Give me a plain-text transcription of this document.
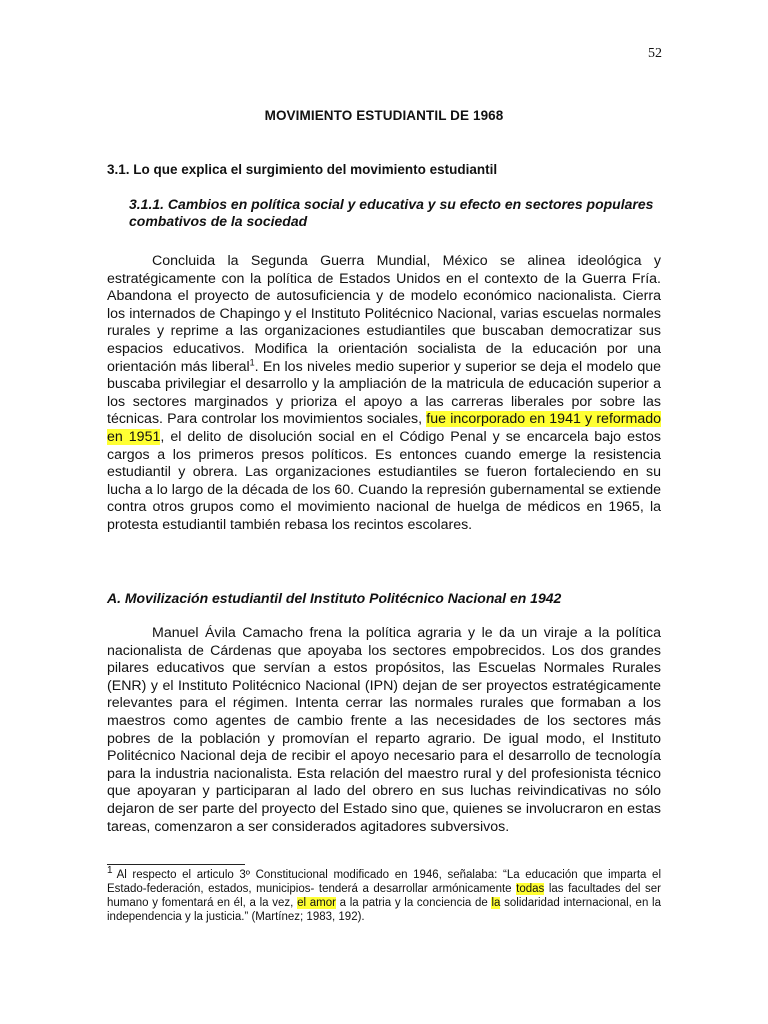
52
MOVIMIENTO ESTUDIANTIL DE 1968
3.1. Lo que explica el surgimiento del movimiento estudiantil
3.1.1. Cambios en política social y educativa y su efecto en sectores populares combativos de la sociedad

Concluida la Segunda Guerra Mundial, México se alinea ideológica y estratégicamente con la política de Estados Unidos en el contexto de la Guerra Fría. Abandona el proyecto de autosuficiencia y de modelo económico nacionalista. Cierra los internados de Chapingo y el Instituto Politécnico Nacional, varias escuelas normales rurales y reprime a las organizaciones estudiantiles que buscaban democratizar sus espacios educativos. Modifica la orientación socialista de la educación por una orientación más liberal$^1$. En los niveles medio superior y superior se deja el modelo que buscaba privilegiar el desarrollo y la ampliación de la matricula de educación superior a los sectores marginados y prioriza el apoyo a las carreras liberales por sobre las técnicas. Para controlar los movimientos sociales, fue incorporado en 1941 y reformado en 1951, el delito de disolución social en el Código Penal y se encarcela bajo estos cargos a los primeros presos políticos. Es entonces cuando emerge la resistencia estudiantil y obrera. Las organizaciones estudiantiles se fueron fortaleciendo en su lucha a lo largo de la década de los 60. Cuando la represión gubernamental se extiende contra otros grupos como el movimiento nacional de huelga de médicos en 1965, la protesta estudiantil también rebasa los recintos escolares.

A. Movilización estudiantil del Instituto Politécnico Nacional en 1942

Manuel Ávila Camacho frena la política agraria y le da un viraje a la política nacionalista de Cárdenas que apoyaba los sectores empobrecidos. Los dos grandes pilares educativos que servían a estos propósitos, las Escuelas Normales Rurales (ENR) y el Instituto Politécnico Nacional (IPN) dejan de ser proyectos estratégicamente relevantes para el régimen. Intenta cerrar las normales rurales que formaban a los maestros como agentes de cambio frente a las necesidades de los sectores más pobres de la población y promovían el reparto agrario. De igual modo, el Instituto Politécnico Nacional deja de recibir el apoyo necesario para el desarrollo de tecnología para la industria nacionalista. Esta relación del maestro rural y del profesionista técnico que apoyaran y participaran al lado del obrero en sus luchas reivindicativas no sólo dejaron de ser parte del proyecto del Estado sino que, quienes se involucraron en estas tareas, comenzaron a ser considerados agitadores subversivos.

1 Al respecto el articulo 3º Constitucional modificado en 1946, señalaba: “La educación que imparta el Estado-federación, estados, municipios- tenderá a desarrollar armónicamente todas las facultades del ser humano y fomentará en él, a la vez, el amor a la patria y la conciencia de la solidaridad internacional, en la independencia y la justicia.” (Martínez; 1983, 192).
